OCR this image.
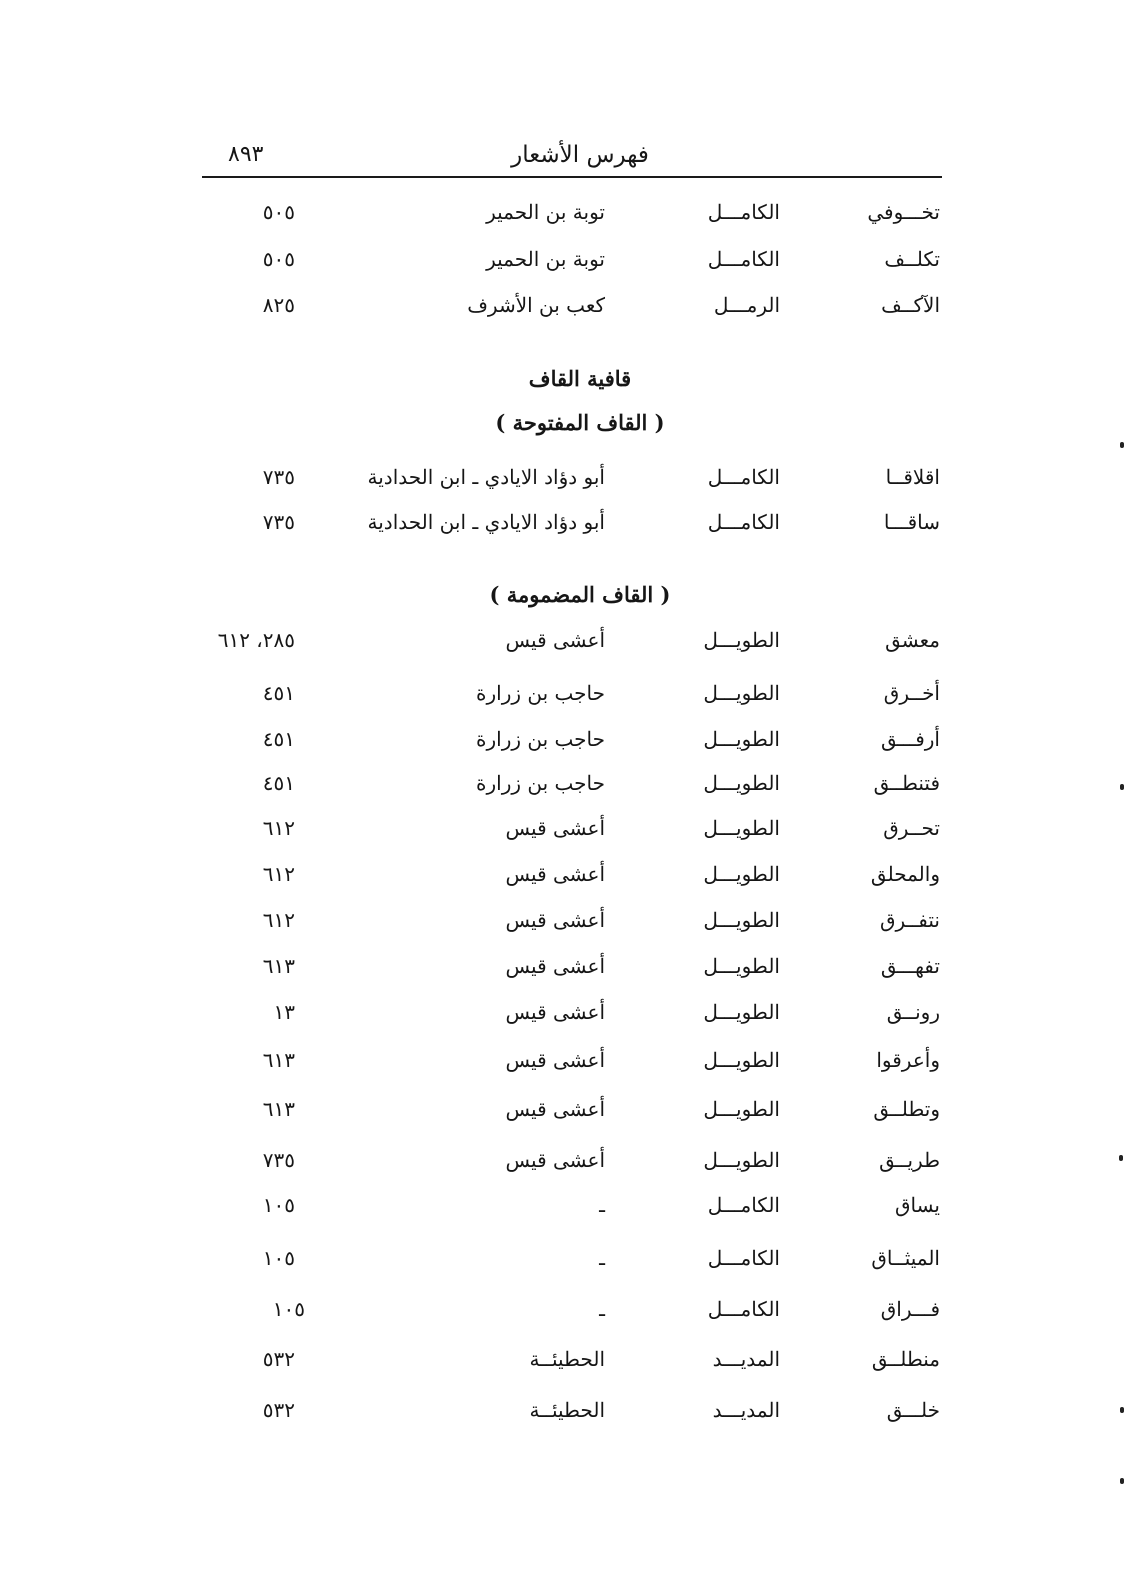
٨٩٣	فهرس الأشعار
تخـــوفي
الكامـــل
توبة بن الحمير
٥٠٥
تكلــف
الكامـــل
توبة بن الحمير
٥٠٥
الآكــف
الرمـــل
كعب بن الأشرف
٨٢٥
قافية القاف
( القاف المفتوحة )
اقلاقــا
الكامـــل
أبو دؤاد الايادي ـ ابن الحدادية
٧٣٥
ساقـــا
الكامـــل
أبو دؤاد الايادي ـ ابن الحدادية
٧٣٥
( القاف المضمومة )
معشق
الطويـــل
أعشى قيس
٢٨٥، ٦١٢
أخــرق
الطويـــل
حاجب بن زرارة
٤٥١
أرفـــق
الطويـــل
حاجب بن زرارة
٤٥١
فتنطــق
الطويـــل
حاجب بن زرارة
٤٥١
تحــرق
الطويـــل
أعشى قيس
٦١٢
والمحلق
الطويـــل
أعشى قيس
٦١٢
نتفــرق
الطويـــل
أعشى قيس
٦١٢
تفهـــق
الطويـــل
أعشى قيس
٦١٣
رونــق
الطويـــل
أعشى قيس
١٣
وأعرقوا
الطويـــل
أعشى قيس
٦١٣
وتطلــق
الطويـــل
أعشى قيس
٦١٣
طريــق
الطويـــل
أعشى قيس
٧٣٥
يساق
الكامـــل
ـ
١٠٥
الميثــاق
الكامـــل
ـ
١٠٥
فـــراق
الكامـــل
ـ
١٠٥
منطلــق
المديـــد
الحطيئــة
٥٣٢
خلـــق
المديـــد
الحطيئــة
٥٣٢
